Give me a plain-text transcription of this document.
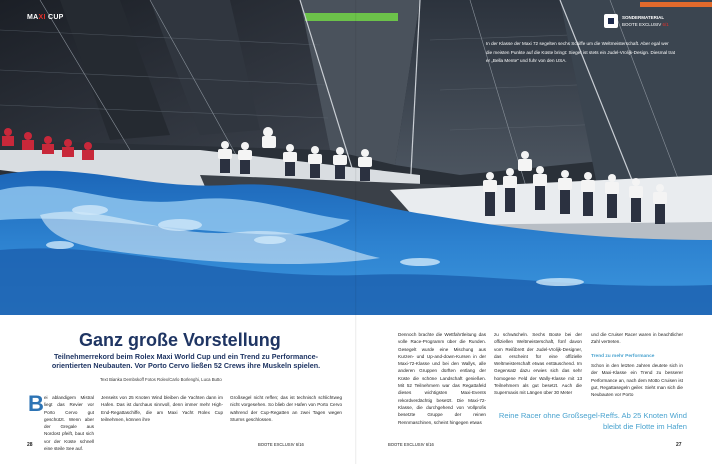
MAXI CUP	SONDERMATERIAL
BOOTE EXCLUSIV 6/1
In der Klasse der Maxi 72 segelten sechs Schiffe um die Weltmeisterschaft. Aber egal wer die meisten Punkte auf die Küste bringt: Sieger ist stets ein Judel-Vrolijk-Design. Diesmal trat er „Bella Mente" und fuhr von den USA.
Ganz große Vorstellung
Teilnehmerrekord beim Rolex Maxi World Cup und ein Trend zu Performance-orientierten Neubauten. Vor Porto Cervo ließen 52 Crews ihre Muskeln spielen.
Text Bianka Dembskoff Fotos Rolex/Carlo Borlenghi, Luca Butto
B ei ablandigem Mistral liegt das Revier vor Porto Cervo gut geschützt. Wenn aber der Gregale aus Nordost pfeift, baut sich vor der Küste schnell eine steile See auf.
Jenseits von 25 Knoten Wind bleiben die Yachten dann im Hafen. Das ist durchaus sinnvoll, denn immer mehr High-End-Regattaschiffe, die am Maxi Yacht Rolex Cup teilnehmen, können ihre
Großsegel nicht reffen; das ist technisch schlichtweg nicht vorgesehen. So blieb der Hafen von Porto Cervo während der Cup-Regatten an zwei Tagen wegen Sturms geschlossen.
Dennoch brachte die Wettfahrtleitung das volle Race-Programm über die Runden. Gesegelt wurde eine Mischung aus Kurzen- und Up-and-down-Kursen in der Maxi-72-Klasse und bei den Wallys, alle anderen Gruppen dürften entlang der Küste die schöne Landschaft genießen. Mit 52 Teilnehmern war das Regattafeld dieses wichtigsten Maxi-Events rekordverdächtig besetzt. Die Maxi-72-Klasse, die durchgehend von Vollprofis besetzte Gruppe der reinen Rennmaschinen, scheint hingegen etwas
zu schwächeln. Sechs Boote bei der offiziellen Weltmeisterschaft, fünf davon vom Reißbrett der Judel-Vrolijk-Designer, das erscheint für eine offizielle Weltmeisterschaft etwas enttäuschend. Im Gegensatz dazu erwies sich das sehr homogene Feld der Wally-Klasse mit 13 Teilnehmern als gut besetzt. Auch die Supermaxis mit Längen über 30 Meter
und die Cruiser Racer waren in beachtlicher Zahl vertreten.
Trend zu mehr Performance
Schon in den letzten Jahren deutete sich in der Maxi-Klasse ein Trend zu besserer Performance an, nach dem Motto Cruisen ist gut, Regattasegeln geiler. Sieht man sich die Neubauten vor Porto
Reine Racer ohne Großsegel-Reffs. Ab 25 Knoten Wind bleibt die Flotte im Hafen
28	BOOTE EXCLUSIV 6/16	BOOTE EXCLUSIV 6/16	27
